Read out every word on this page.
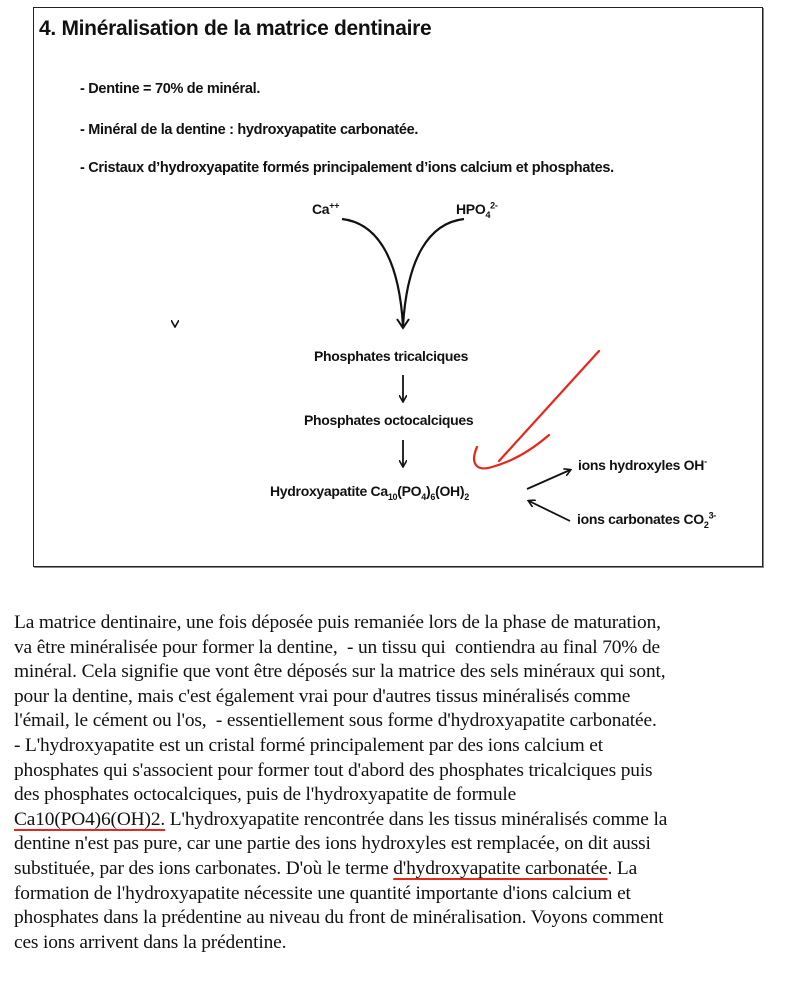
4. Minéralisation de la matrice dentinaire
- Dentine = 70% de minéral.
- Minéral de la dentine : hydroxyapatite carbonatée.
- Cristaux d’hydroxyapatite formés principalement d’ions calcium et phosphates.
Ca++	$HPO_4^{2-}$
Phosphates tricalciques
Phosphates octocalciques
Hydroxyapatite $Ca_{10}(PO_4)_6(OH)_2$
ions hydroxyles OH-
ions carbonates $CO_2^{3-}$
La matrice dentinaire, une fois déposée puis remaniée lors de la phase de maturation,
va être minéralisée pour former la dentine,  - un tissu qui  contiendra au final 70% de
minéral. Cela signifie que vont être déposés sur la matrice des sels minéraux qui sont,
pour la dentine, mais c'est également vrai pour d'autres tissus minéralisés comme
l'émail, le cément ou l'os,  - essentiellement sous forme d'hydroxyapatite carbonatée.
- L'hydroxyapatite est un cristal formé principalement par des ions calcium et
phosphates qui s'associent pour former tout d'abord des phosphates tricalciques puis
des phosphates octocalciques, puis de l'hydroxyapatite de formule
Ca10(PO4)6(OH)2. L'hydroxyapatite rencontrée dans les tissus minéralisés comme la
dentine n'est pas pure, car une partie des ions hydroxyles est remplacée, on dit aussi
substituée, par des ions carbonates. D'où le terme d'hydroxyapatite carbonatée. La
formation de l'hydroxyapatite nécessite une quantité importante d'ions calcium et
phosphates dans la prédentine au niveau du front de minéralisation. Voyons comment
ces ions arrivent dans la prédentine.
